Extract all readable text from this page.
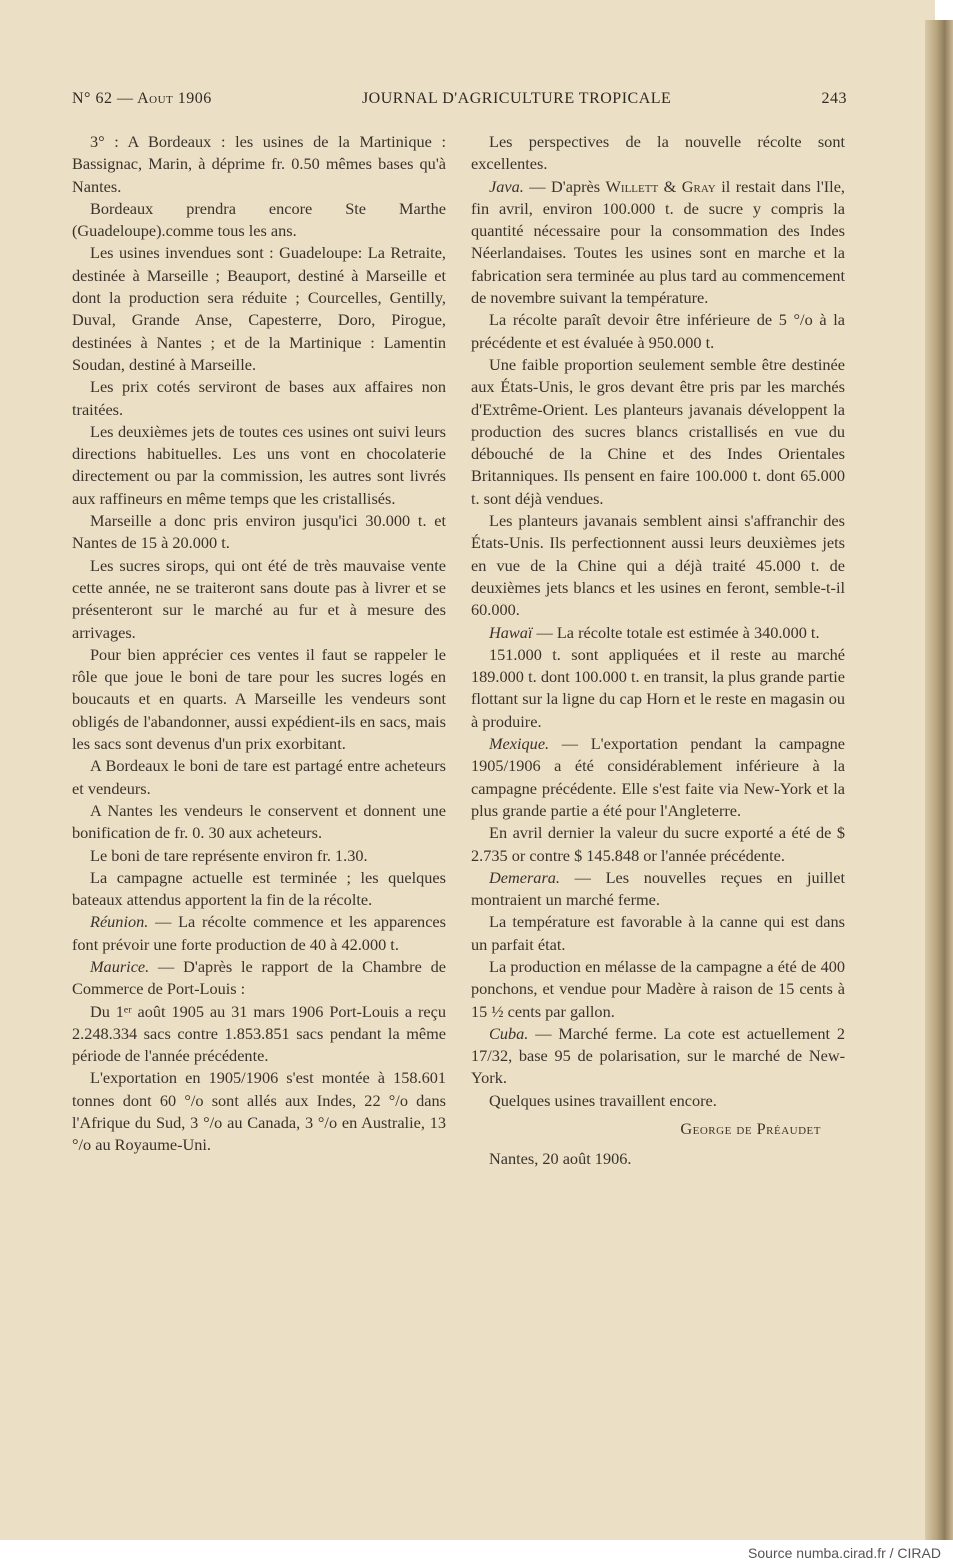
N° 62 — Aout 1906	JOURNAL D'AGRICULTURE TROPICALE	243

3° : A Bordeaux : les usines de la Martinique : Bassignac, Marin, à déprime fr. 0.50 mêmes bases qu'à Nantes.

Bordeaux prendra encore Ste Marthe (Guadeloupe).comme tous les ans.

Les usines invendues sont : Guadeloupe: La Retraite, destinée à Marseille ; Beauport, destiné à Marseille et dont la production sera réduite ; Courcelles, Gentilly, Duval, Grande Anse, Capesterre, Doro, Pirogue, destinées à Nantes ; et de la Martinique : Lamentin Soudan, destiné à Marseille.

Les prix cotés serviront de bases aux affaires non traitées.

Les deuxièmes jets de toutes ces usines ont suivi leurs directions habituelles. Les uns vont en chocolaterie directement ou par la commission, les autres sont livrés aux raffineurs en même temps que les cristallisés.

Marseille a donc pris environ jusqu'ici 30.000 t. et Nantes de 15 à 20.000 t.

Les sucres sirops, qui ont été de très mauvaise vente cette année, ne se traiteront sans doute pas à livrer et se présenteront sur le marché au fur et à mesure des arrivages.

Pour bien apprécier ces ventes il faut se rappeler le rôle que joue le boni de tare pour les sucres logés en boucauts et en quarts. A Marseille les vendeurs sont obligés de l'abandonner, aussi expédient-ils en sacs, mais les sacs sont devenus d'un prix exorbitant.

A Bordeaux le boni de tare est partagé entre acheteurs et vendeurs.

A Nantes les vendeurs le conservent et donnent une bonification de fr. 0. 30 aux acheteurs.

Le boni de tare représente environ fr. 1.30.

La campagne actuelle est terminée ; les quelques bateaux attendus apportent la fin de la récolte.

Réunion. — La récolte commence et les apparences font prévoir une forte production de 40 à 42.000 t.

Maurice. — D'après le rapport de la Chambre de Commerce de Port-Louis :

Du 1ᵉʳ août 1905 au 31 mars 1906 Port-Louis a reçu 2.248.334 sacs contre 1.853.851 sacs pendant la même période de l'année précédente.

L'exportation en 1905/1906 s'est montée à 158.601 tonnes dont 60 °/o sont allés aux Indes, 22 °/o dans l'Afrique du Sud, 3 °/o au Canada, 3 °/o en Australie, 13 °/o au Royaume-Uni.

Les perspectives de la nouvelle récolte sont excellentes.

Java. — D'après Willett & Gray il restait dans l'Ile, fin avril, environ 100.000 t. de sucre y compris la quantité nécessaire pour la consommation des Indes Néerlandaises. Toutes les usines sont en marche et la fabrication sera terminée au plus tard au commencement de novembre suivant la température.

La récolte paraît devoir être inférieure de 5 °/o à la précédente et est évaluée à 950.000 t.

Une faible proportion seulement semble être destinée aux États-Unis, le gros devant être pris par les marchés d'Extrême-Orient. Les planteurs javanais développent la production des sucres blancs cristallisés en vue du débouché de la Chine et des Indes Orientales Britanniques. Ils pensent en faire 100.000 t. dont 65.000 t. sont déjà vendues.

Les planteurs javanais semblent ainsi s'affranchir des États-Unis. Ils perfectionnent aussi leurs deuxièmes jets en vue de la Chine qui a déjà traité 45.000 t. de deuxièmes jets blancs et les usines en feront, semble-t-il 60.000.

Hawaï — La récolte totale est estimée à 340.000 t.

151.000 t. sont appliquées et il reste au marché 189.000 t. dont 100.000 t. en transit, la plus grande partie flottant sur la ligne du cap Horn et le reste en magasin ou à produire.

Mexique. — L'exportation pendant la campagne 1905/1906 a été considérablement inférieure à la campagne précédente. Elle s'est faite via New-York et la plus grande partie a été pour l'Angleterre.

En avril dernier la valeur du sucre exporté a été de $ 2.735 or contre $ 145.848 or l'année précédente.

Demerara. — Les nouvelles reçues en juillet montraient un marché ferme.

La température est favorable à la canne qui est dans un parfait état.

La production en mélasse de la campagne a été de 400 ponchons, et vendue pour Madère à raison de 15 cents à 15 ½ cents par gallon.

Cuba. — Marché ferme. La cote est actuellement 2 17/32, base 95 de polarisation, sur le marché de New-York.

Quelques usines travaillent encore.

George de Préaudet

Nantes, 20 août 1906.

Source numba.cirad.fr / CIRAD
